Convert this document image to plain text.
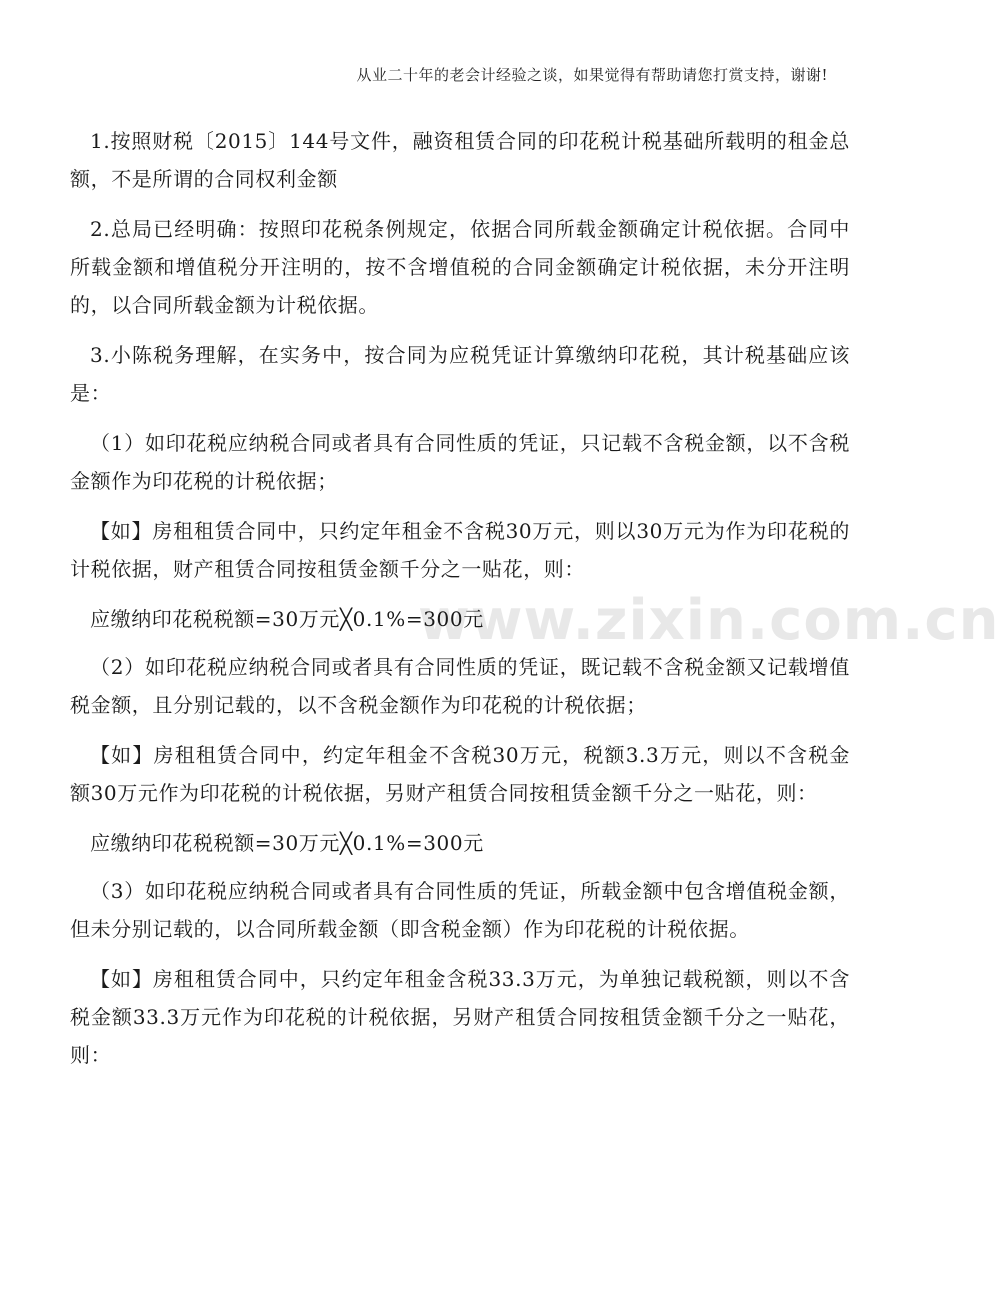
从业二十年的老会计经验之谈，如果觉得有帮助请您打赏支持，谢谢!
www.zixin.com.cn

1.按照财税〔2015〕144号文件，融资租赁合同的印花税计税基础所载明的租金总额，不是所谓的合同权利金额

2.总局已经明确：按照印花税条例规定，依据合同所载金额确定计税依据。合同中所载金额和增值税分开注明的，按不含增值税的合同金额确定计税依据，未分开注明的，以合同所载金额为计税依据。

3.小陈税务理解，在实务中，按合同为应税凭证计算缴纳印花税，其计税基础应该是：

（1）如印花税应纳税合同或者具有合同性质的凭证，只记载不含税金额，以不含税金额作为印花税的计税依据；

【如】房租租赁合同中，只约定年租金不含税30万元，则以30万元为作为印花税的计税依据，财产租赁合同按租赁金额千分之一贴花，则：

应缴纳印花税税额=30万元╳0.1%=300元

（2）如印花税应纳税合同或者具有合同性质的凭证，既记载不含税金额又记载增值税金额，且分别记载的，以不含税金额作为印花税的计税依据；

【如】房租租赁合同中，约定年租金不含税30万元，税额3.3万元，则以不含税金额30万元作为印花税的计税依据，另财产租赁合同按租赁金额千分之一贴花，则：

应缴纳印花税税额=30万元╳0.1%=300元

（3）如印花税应纳税合同或者具有合同性质的凭证，所载金额中包含增值税金额，但未分别记载的，以合同所载金额（即含税金额）作为印花税的计税依据。

【如】房租租赁合同中，只约定年租金含税33.3万元，为单独记载税额，则以不含税金额33.3万元作为印花税的计税依据，另财产租赁合同按租赁金额千分之一贴花，则：
